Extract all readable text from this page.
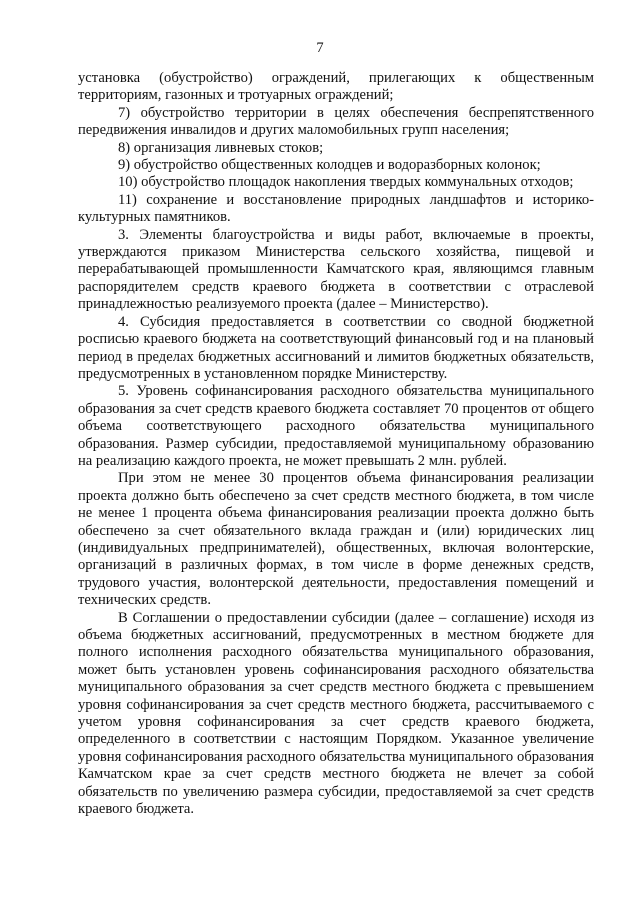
7

установка (обустройство) ограждений, прилегающих к общественным территориям, газонных и тротуарных ограждений;

7) обустройство территории в целях обеспечения беспрепятственного передвижения инвалидов и других маломобильных групп населения;

8) организация ливневых стоков;

9) обустройство общественных колодцев и водоразборных колонок;

10) обустройство площадок накопления твердых коммунальных отходов;

11) сохранение и восстановление природных ландшафтов и историко-культурных памятников.

3. Элементы благоустройства и виды работ, включаемые в проекты, утверждаются приказом Министерства сельского хозяйства, пищевой и перерабатывающей промышленности Камчатского края, являющимся главным распорядителем средств краевого бюджета в соответствии с отраслевой принадлежностью реализуемого проекта (далее – Министерство).

4. Субсидия предоставляется в соответствии со сводной бюджетной росписью краевого бюджета на соответствующий финансовый год и на плановый период в пределах бюджетных ассигнований и лимитов бюджетных обязательств, предусмотренных в установленном порядке Министерству.

5. Уровень софинансирования расходного обязательства муниципального образования за счет средств краевого бюджета составляет 70 процентов от общего объема соответствующего расходного обязательства муниципального образования. Размер субсидии, предоставляемой муниципальному образованию на реализацию каждого проекта, не может превышать 2 млн. рублей.

При этом не менее 30 процентов объема финансирования реализации проекта должно быть обеспечено за счет средств местного бюджета, в том числе не менее 1 процента объема финансирования реализации проекта должно быть обеспечено за счет обязательного вклада граждан и (или) юридических лиц (индивидуальных предпринимателей), общественных, включая волонтерские, организаций в различных формах, в том числе в форме денежных средств, трудового участия, волонтерской деятельности, предоставления помещений и технических средств.

В Соглашении о предоставлении субсидии (далее – соглашение) исходя из объема бюджетных ассигнований, предусмотренных в местном бюджете для полного исполнения расходного обязательства муниципального образования, может быть установлен уровень софинансирования расходного обязательства муниципального образования за счет средств местного бюджета с превышением уровня софинансирования за счет средств местного бюджета, рассчитываемого с учетом уровня софинансирования за счет средств краевого бюджета, определенного в соответствии с настоящим Порядком. Указанное увеличение уровня софинансирования расходного обязательства муниципального образования Камчатском крае за счет средств местного бюджета не влечет за собой обязательств по увеличению размера субсидии, предоставляемой за счет средств краевого бюджета.
